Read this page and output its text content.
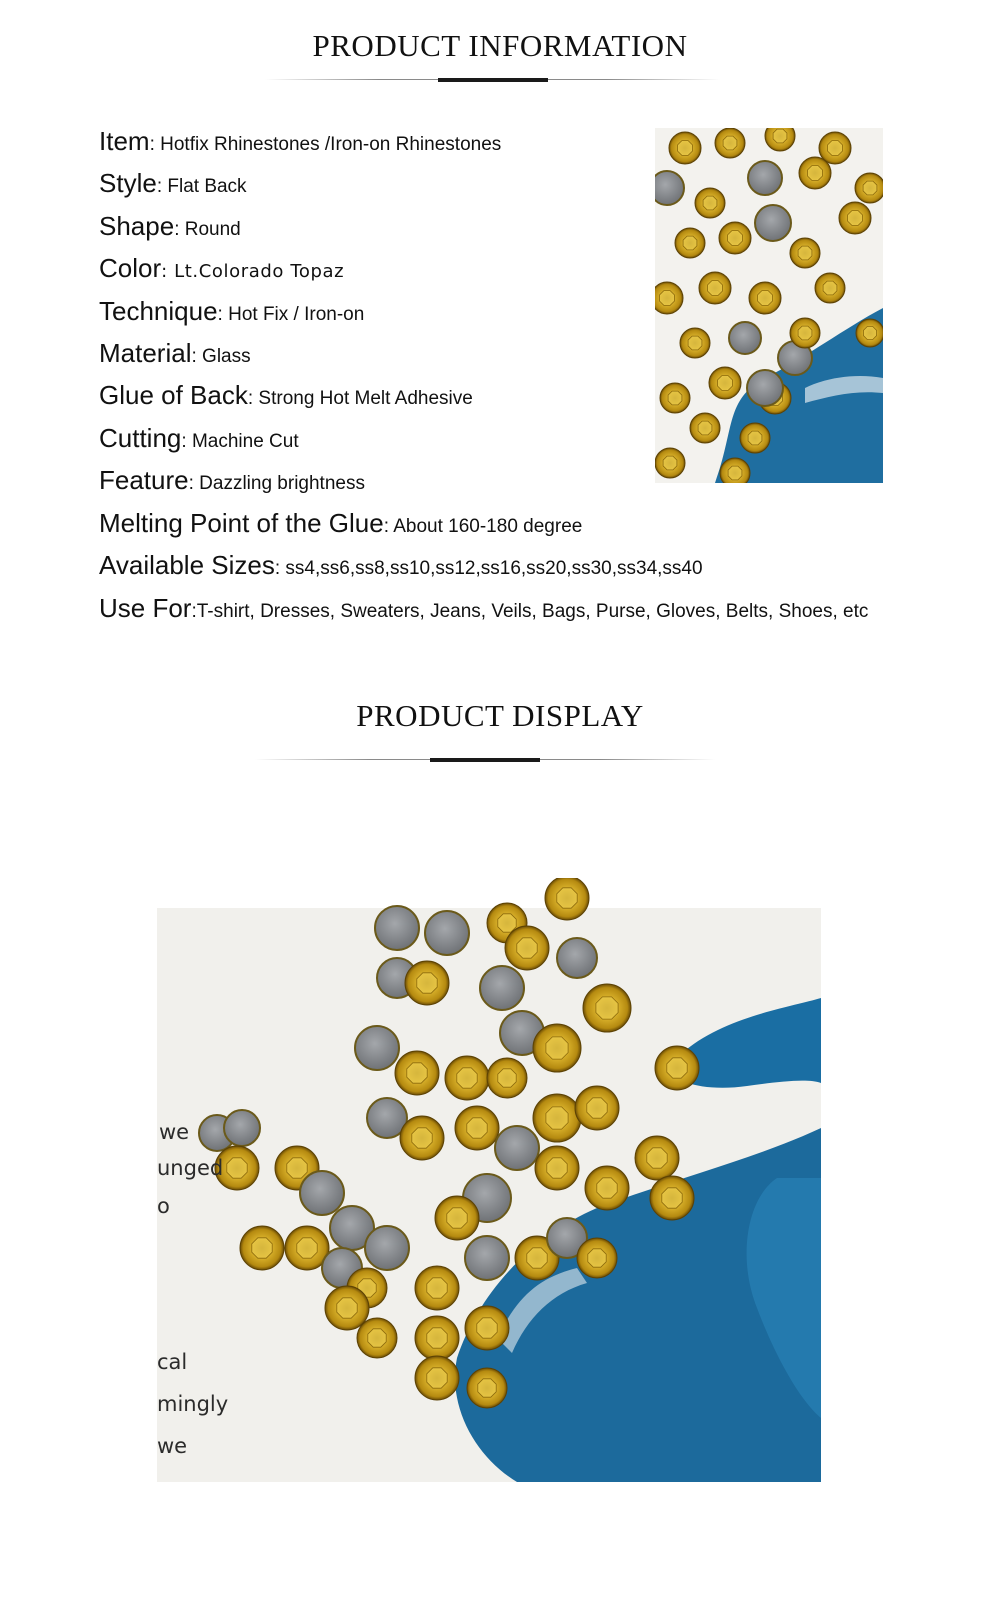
PRODUCT INFORMATION
Item: Hotfix Rhinestones /Iron-on Rhinestones
Style: Flat Back
Shape: Round
Color: Lt.Colorado Topaz
Technique: Hot Fix / Iron-on
Material: Glass
Glue of Back: Strong Hot Melt Adhesive
Cutting: Machine Cut
Feature: Dazzling brightness
Melting Point of the Glue: About 160-180 degree
Available Sizes: ss4,ss6,ss8,ss10,ss12,ss16,ss20,ss30,ss34,ss40
Use For:T-shirt, Dresses, Sweaters, Jeans, Veils, Bags, Purse, Gloves, Belts, Shoes, etc
PRODUCT DISPLAY
we
unged
o
cal
mingly
we
